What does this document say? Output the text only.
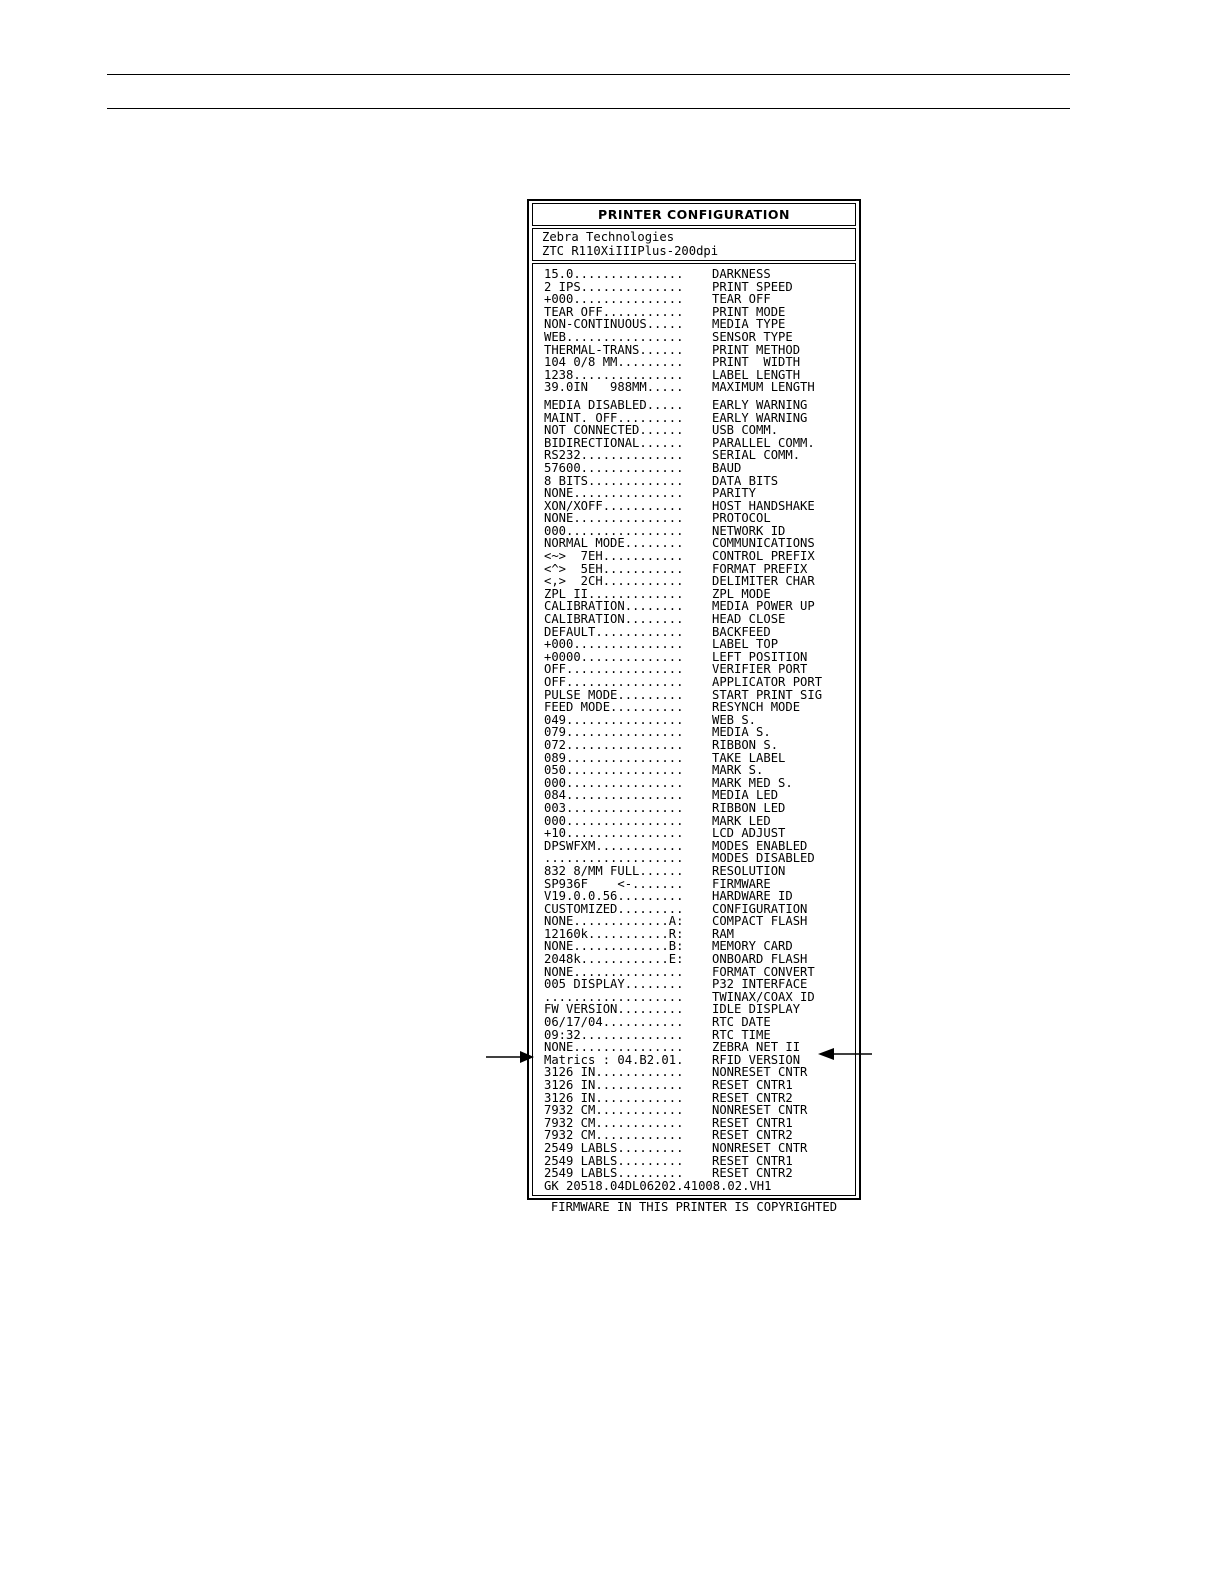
PRINTER CONFIGURATION
Zebra Technologies
ZTC R110XiIIIPlus-200dpi
15.0............... DARKNESS
2 IPS.............. PRINT SPEED
+000............... TEAR OFF
TEAR OFF........... PRINT MODE
NON-CONTINUOUS..... MEDIA TYPE
WEB................ SENSOR TYPE
THERMAL-TRANS...... PRINT METHOD
104 0/8 MM......... PRINT  WIDTH
1238............... LABEL LENGTH
39.0IN   988MM..... MAXIMUM LENGTH
MEDIA DISABLED..... EARLY WARNING
MAINT. OFF......... EARLY WARNING
NOT CONNECTED...... USB COMM.
BIDIRECTIONAL...... PARALLEL COMM.
RS232.............. SERIAL COMM.
57600.............. BAUD
8 BITS............. DATA BITS
NONE............... PARITY
XON/XOFF........... HOST HANDSHAKE
NONE............... PROTOCOL
000................ NETWORK ID
NORMAL MODE........ COMMUNICATIONS
<~>  7EH........... CONTROL PREFIX
<^>  5EH........... FORMAT PREFIX
<,>  2CH........... DELIMITER CHAR
ZPL II............. ZPL MODE
CALIBRATION........ MEDIA POWER UP
CALIBRATION........ HEAD CLOSE
DEFAULT............ BACKFEED
+000............... LABEL TOP
+0000.............. LEFT POSITION
OFF................ VERIFIER PORT
OFF................ APPLICATOR PORT
PULSE MODE......... START PRINT SIG
FEED MODE.......... RESYNCH MODE
049................ WEB S.
079................ MEDIA S.
072................ RIBBON S.
089................ TAKE LABEL
050................ MARK S.
000................ MARK MED S.
084................ MEDIA LED
003................ RIBBON LED
000................ MARK LED
+10................ LCD ADJUST
DPSWFXM............ MODES ENABLED
................... MODES DISABLED
832 8/MM FULL...... RESOLUTION
SP936F    <-....... FIRMWARE
V19.0.0.56......... HARDWARE ID
CUSTOMIZED......... CONFIGURATION
NONE.............A: COMPACT FLASH
12160k...........R: RAM
NONE.............B: MEMORY CARD
2048k............E: ONBOARD FLASH
NONE............... FORMAT CONVERT
005 DISPLAY........ P32 INTERFACE
................... TWINAX/COAX ID
FW VERSION......... IDLE DISPLAY
06/17/04........... RTC DATE
09:32.............. RTC TIME
NONE............... ZEBRA NET II
Matrics : 04.B2.01. RFID VERSION
3126 IN............ NONRESET CNTR
3126 IN............ RESET CNTR1
3126 IN............ RESET CNTR2
7932 CM............ NONRESET CNTR
7932 CM............ RESET CNTR1
7932 CM............ RESET CNTR2
2549 LABLS......... NONRESET CNTR
2549 LABLS......... RESET CNTR1
2549 LABLS......... RESET CNTR2
GK 20518.04DL06202.41008.02.VH1
FIRMWARE IN THIS PRINTER IS COPYRIGHTED
